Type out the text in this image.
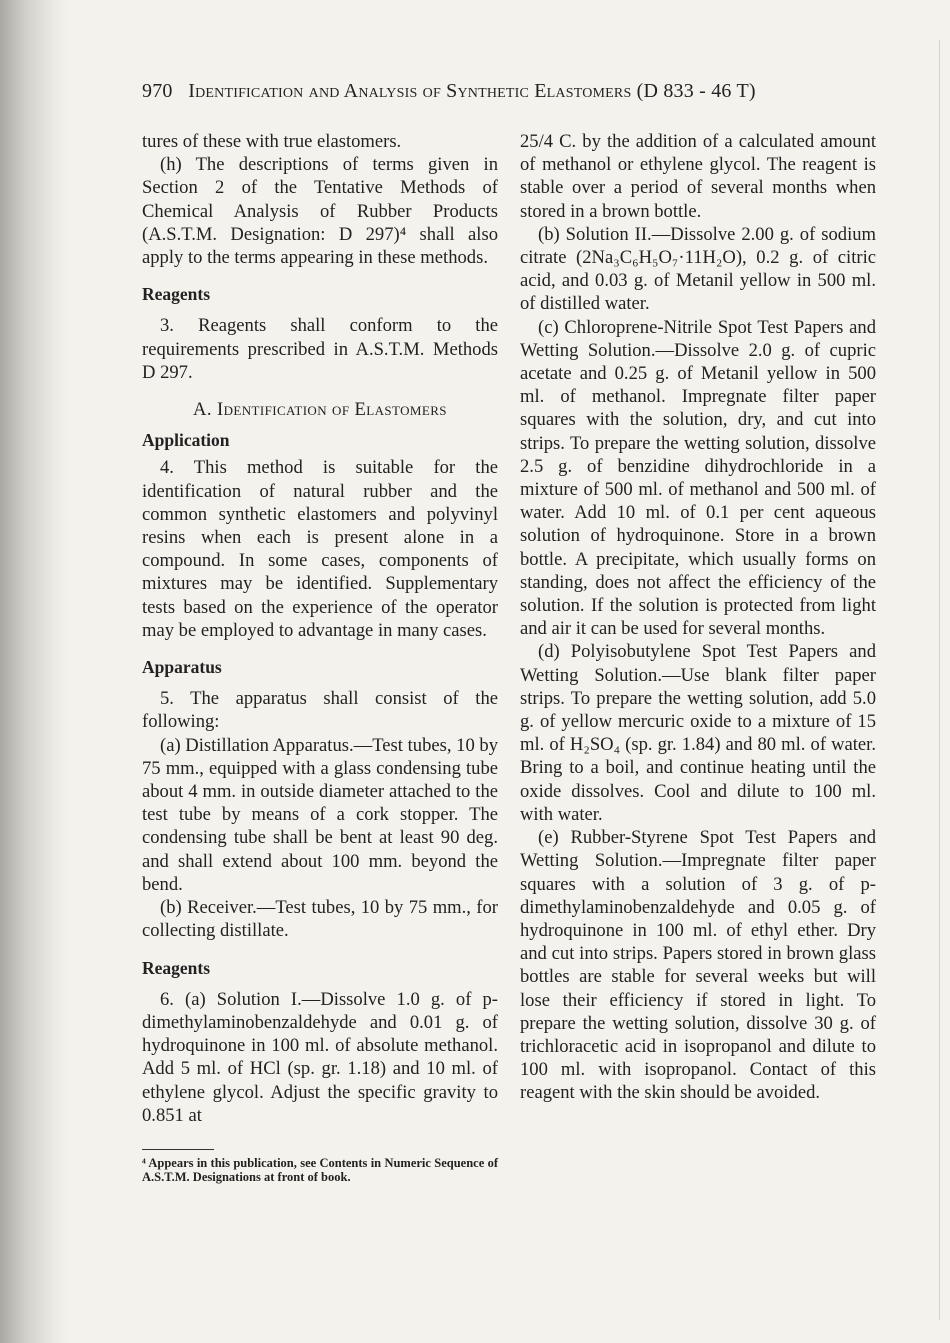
970 Identification and Analysis of Synthetic Elastomers (D 833 - 46 T)

tures of these with true elastomers.

(h) The descriptions of terms given in Section 2 of the Tentative Methods of Chemical Analysis of Rubber Products (A.S.T.M. Designation: D 297)⁴ shall also apply to the terms appearing in these methods.

Reagents

3. Reagents shall conform to the requirements prescribed in A.S.T.M. Methods D 297.

A. Identification of Elastomers
Application

4. This method is suitable for the identification of natural rubber and the common synthetic elastomers and polyvinyl resins when each is present alone in a compound. In some cases, components of mixtures may be identified. Supplementary tests based on the experience of the operator may be employed to advantage in many cases.

Apparatus

5. The apparatus shall consist of the following:

(a) Distillation Apparatus.—Test tubes, 10 by 75 mm., equipped with a glass condensing tube about 4 mm. in outside diameter attached to the test tube by means of a cork stopper. The condensing tube shall be bent at least 90 deg. and shall extend about 100 mm. beyond the bend.

(b) Receiver.—Test tubes, 10 by 75 mm., for collecting distillate.

Reagents

6. (a) Solution I.—Dissolve 1.0 g. of p-dimethylaminobenzaldehyde and 0.01 g. of hydroquinone in 100 ml. of absolute methanol. Add 5 ml. of HCl (sp. gr. 1.18) and 10 ml. of ethylene glycol. Adjust the specific gravity to 0.851 at

⁴ Appears in this publication, see Contents in Numeric Sequence of A.S.T.M. Designations at front of book.

25/4 C. by the addition of a calculated amount of methanol or ethylene glycol. The reagent is stable over a period of several months when stored in a brown bottle.

(b) Solution II.—Dissolve 2.00 g. of sodium citrate (2Na₃C₆H₅O₇·11H₂O), 0.2 g. of citric acid, and 0.03 g. of Metanil yellow in 500 ml. of distilled water.

(c) Chloroprene-Nitrile Spot Test Papers and Wetting Solution.—Dissolve 2.0 g. of cupric acetate and 0.25 g. of Metanil yellow in 500 ml. of methanol. Impregnate filter paper squares with the solution, dry, and cut into strips. To prepare the wetting solution, dissolve 2.5 g. of benzidine dihydrochloride in a mixture of 500 ml. of methanol and 500 ml. of water. Add 10 ml. of 0.1 per cent aqueous solution of hydroquinone. Store in a brown bottle. A precipitate, which usually forms on standing, does not affect the efficiency of the solution. If the solution is protected from light and air it can be used for several months.

(d) Polyisobutylene Spot Test Papers and Wetting Solution.—Use blank filter paper strips. To prepare the wetting solution, add 5.0 g. of yellow mercuric oxide to a mixture of 15 ml. of H₂SO₄ (sp. gr. 1.84) and 80 ml. of water. Bring to a boil, and continue heating until the oxide dissolves. Cool and dilute to 100 ml. with water.

(e) Rubber-Styrene Spot Test Papers and Wetting Solution.—Impregnate filter paper squares with a solution of 3 g. of p-dimethylaminobenzaldehyde and 0.05 g. of hydroquinone in 100 ml. of ethyl ether. Dry and cut into strips. Papers stored in brown glass bottles are stable for several weeks but will lose their efficiency if stored in light. To prepare the wetting solution, dissolve 30 g. of trichloracetic acid in isopropanol and dilute to 100 ml. with isopropanol. Contact of this reagent with the skin should be avoided.
